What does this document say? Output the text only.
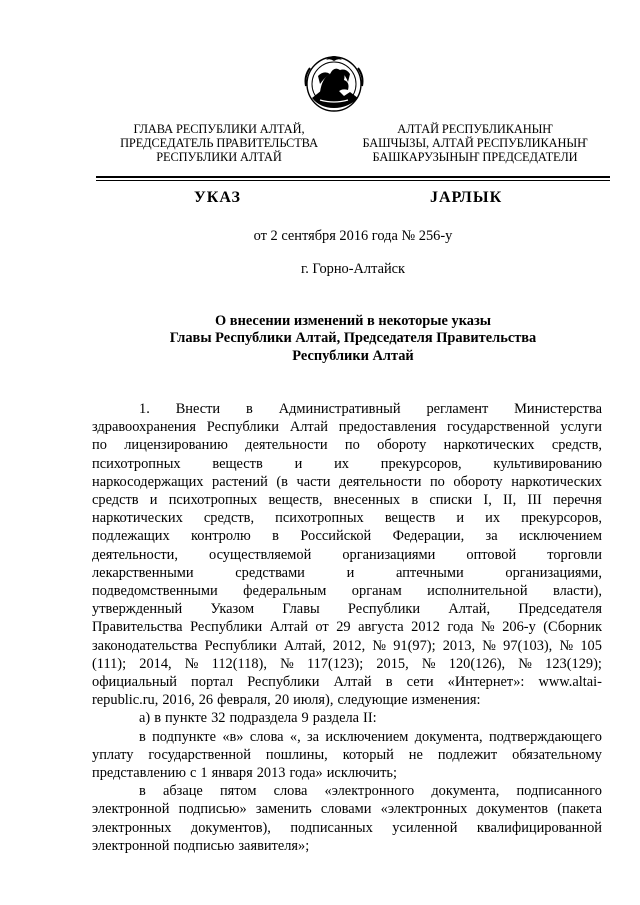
ГЛАВА РЕСПУБЛИКИ АЛТАЙ,
ПРЕДСЕДАТЕЛЬ ПРАВИТЕЛЬСТВА
РЕСПУБЛИКИ АЛТАЙ
АЛТАЙ РЕСПУБЛИКАНЫҤ
БАШЧЫЗЫ, АЛТАЙ РЕСПУБЛИКАНЫҤ
БАШКАРУЗЫНЫҤ ПРЕДСЕДАТЕЛИ
УКАЗ	JАРЛЫК
от 2 сентября 2016 года № 256-у
г. Горно-Алтайск
О внесении изменений в некоторые указы
Главы Республики Алтай, Председателя Правительства
Республики Алтай
1. Внести в Административный регламент Министерства
здравоохранения Республики Алтай предоставления государственной услуги
по лицензированию деятельности по обороту наркотических средств,
психотропных веществ и их прекурсоров, культивированию
наркосодержащих растений (в части деятельности по обороту наркотических
средств и психотропных веществ, внесенных в списки I, II, III перечня
наркотических средств, психотропных веществ и их прекурсоров,
подлежащих контролю в Российской Федерации, за исключением
деятельности, осуществляемой организациями оптовой торговли
лекарственными	средствами	и	аптечными	организациями,
подведомственными федеральным органам исполнительной власти),
утвержденный Указом Главы Республики Алтай, Председателя
Правительства Республики Алтай от 29 августа 2012 года № 206-у (Сборник
законодательства Республики Алтай, 2012, № 91(97); 2013, № 97(103), № 105
(111); 2014, № 112(118), № 117(123); 2015, № 120(126), № 123(129);
официальный портал Республики Алтай в сети «Интернет»: www.altai-
republic.ru, 2016, 26 февраля, 20 июля), следующие изменения:
а) в пункте 32 подраздела 9 раздела II:
в подпункте «в» слова «, за исключением документа, подтверждающего
уплату государственной пошлины, который не подлежит обязательному
представлению с 1 января 2013 года» исключить;
в абзаце пятом слова «электронного документа, подписанного
электронной подписью» заменить словами «электронных документов (пакета
электронных документов), подписанных усиленной квалифицированной
электронной подписью заявителя»;
